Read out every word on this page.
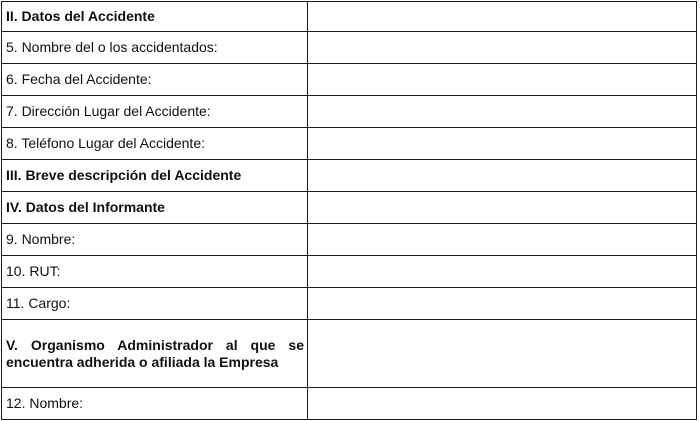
II. Datos del Accidente	
5. Nombre del o los accidentados:	
6. Fecha del Accidente:	
7. Dirección Lugar del Accidente:	
8. Teléfono Lugar del Accidente:	
III. Breve descripción del Accidente	
IV. Datos del Informante	
9. Nombre:	
10. RUT:	
11. Cargo:	
V. Organismo Administrador al que se encuentra adherida o afiliada la Empresa	
12. Nombre:	
